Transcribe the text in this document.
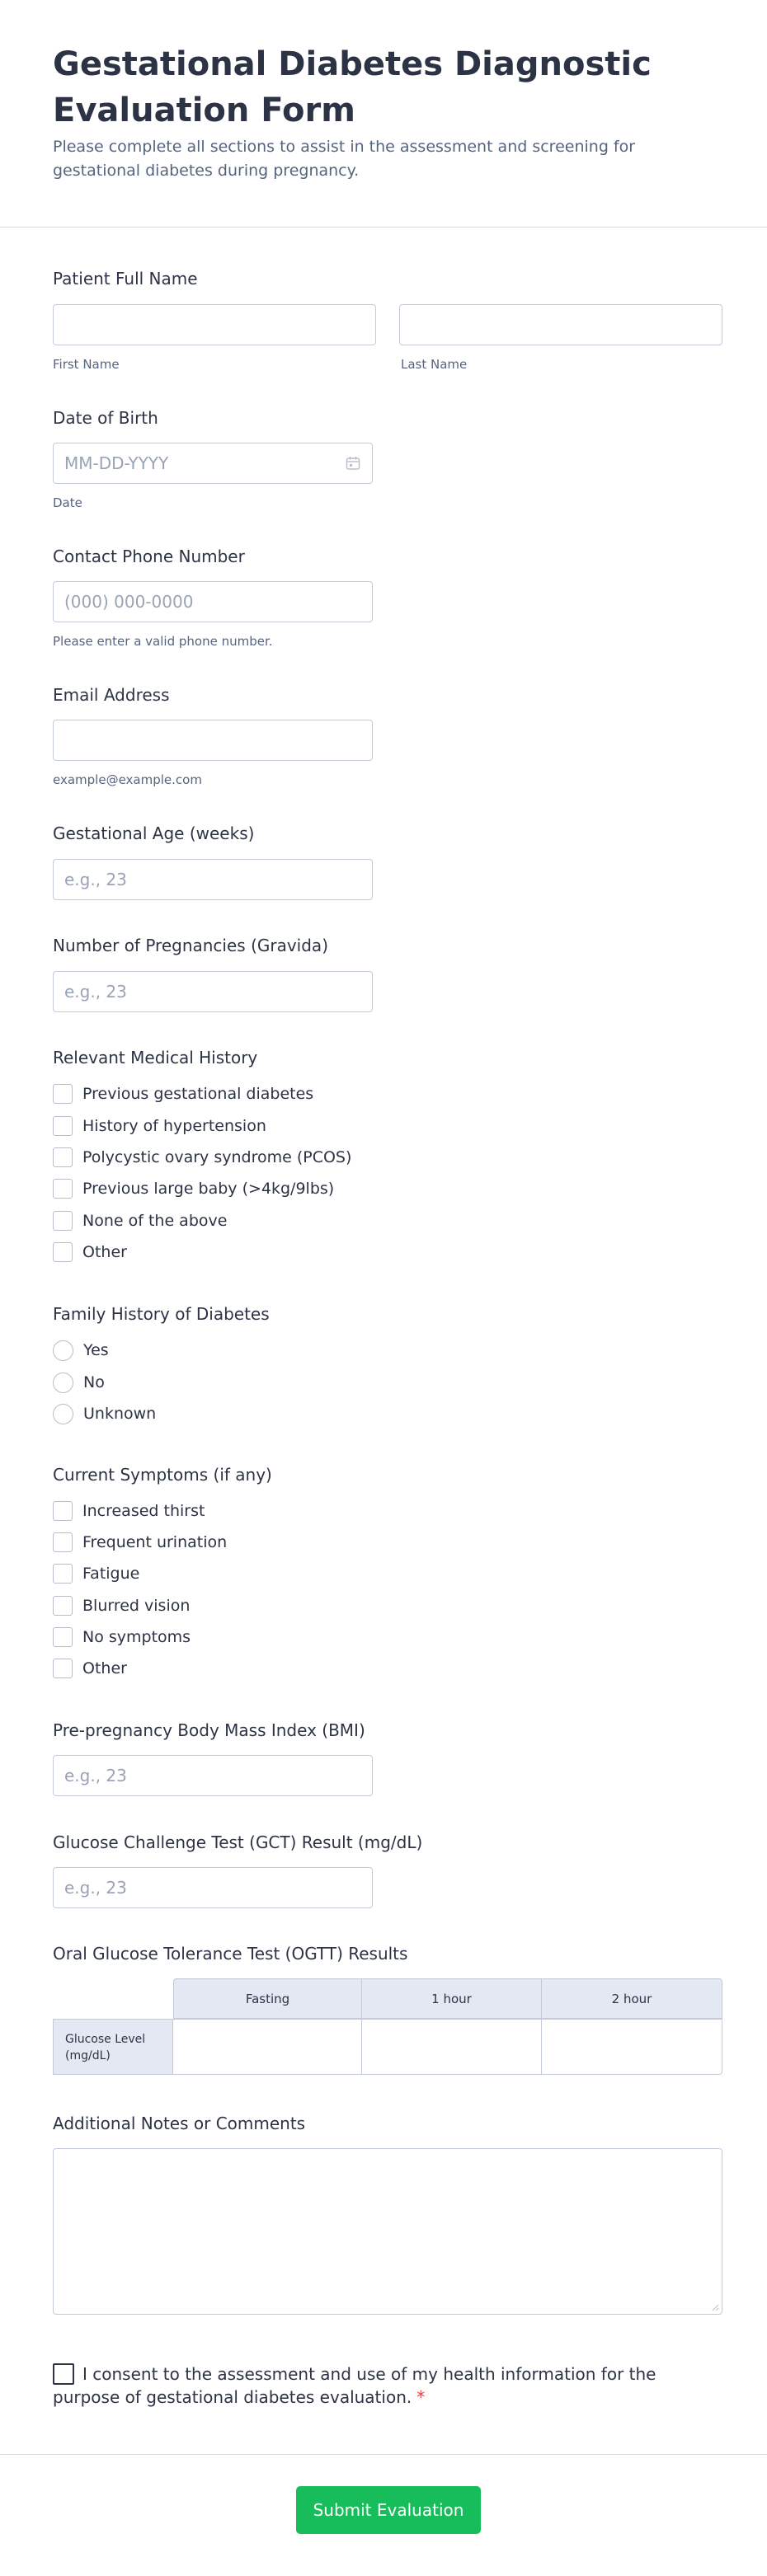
Gestational Diabetes Diagnostic Evaluation Form
Please complete all sections to assist in the assessment and screening for gestational diabetes during pregnancy.
Patient Full Name
First Name	Last Name
Date of Birth
MM-DD-YYYY
Date
Contact Phone Number
(000) 000-0000
Please enter a valid phone number.
Email Address
example@example.com
Gestational Age (weeks)
e.g., 23
Number of Pregnancies (Gravida)
e.g., 23
Relevant Medical History
Previous gestational diabetes
History of hypertension
Polycystic ovary syndrome (PCOS)
Previous large baby (>4kg/9lbs)
None of the above
Other
Family History of Diabetes
Yes
No
Unknown
Current Symptoms (if any)
Increased thirst
Frequent urination
Fatigue
Blurred vision
No symptoms
Other
Pre-pregnancy Body Mass Index (BMI)
e.g., 23
Glucose Challenge Test (GCT) Result (mg/dL)
e.g., 23
Oral Glucose Tolerance Test (OGTT) Results
Fasting	1 hour	2 hour
Glucose Level (mg/dL)
Additional Notes or Comments
I consent to the assessment and use of my health information for the purpose of gestational diabetes evaluation. *
Submit Evaluation
